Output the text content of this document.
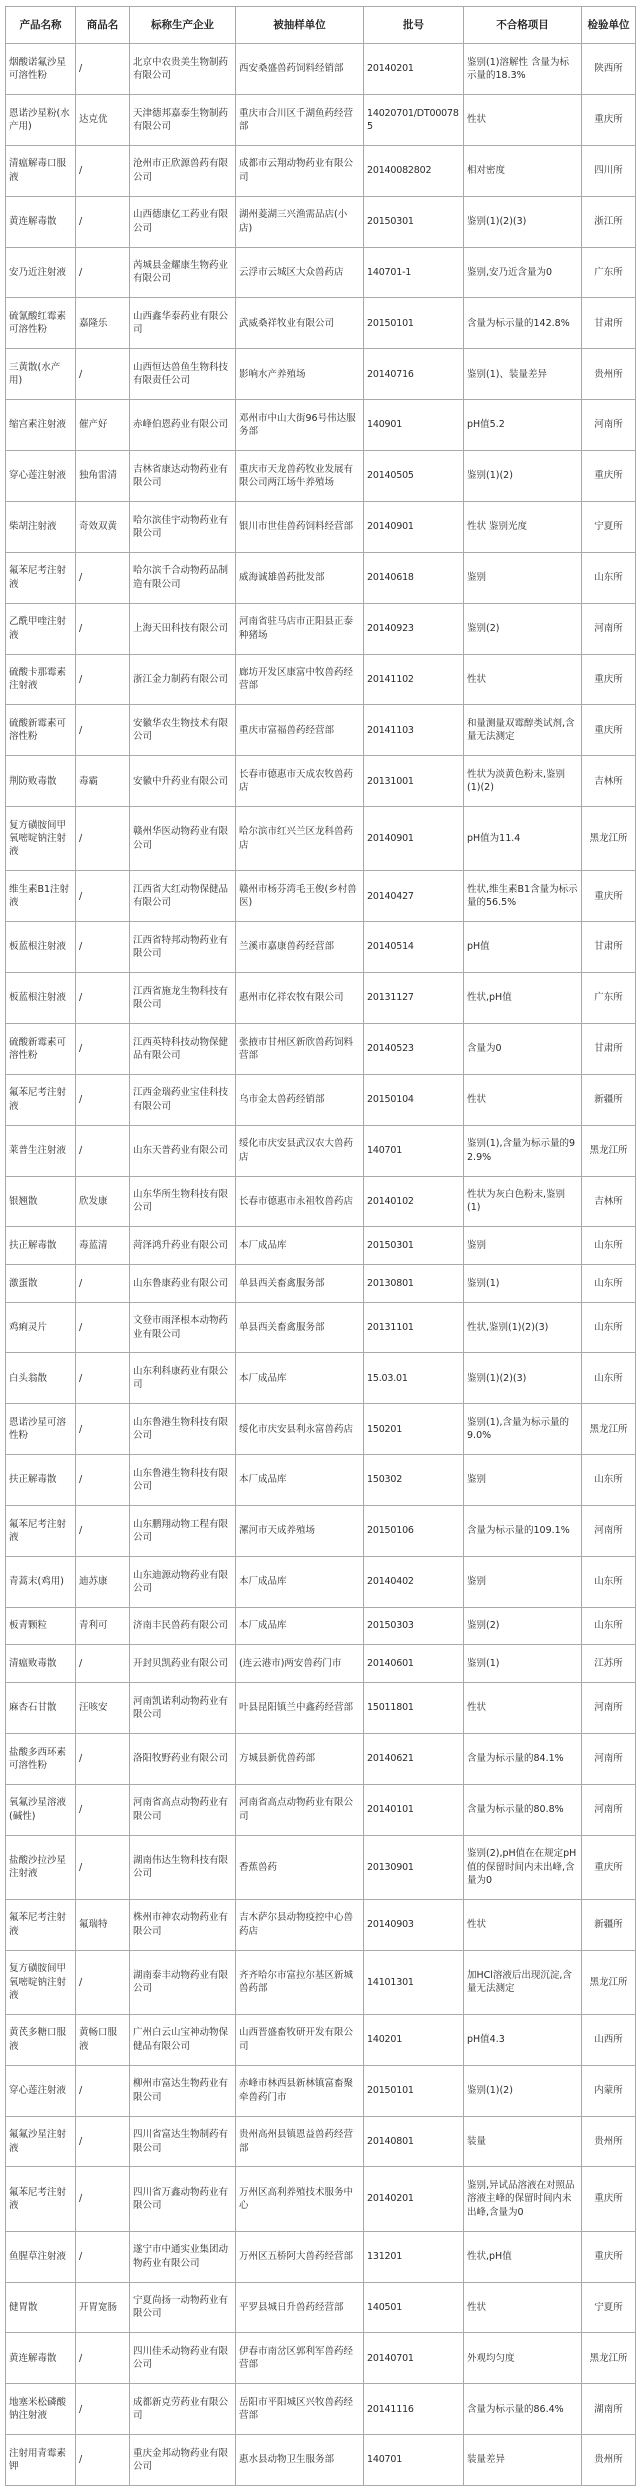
产品名称	商品名	标称生产企业	被抽样单位	批号	不合格项目	检验单位
烟酸诺氟沙星可溶性粉	/	北京中农贵美生物制药有限公司	西安桑盛兽药饲料经销部	20140201	鉴别(1)溶解性 含量为标示量的18.3%	陕西所
恩诺沙星粉(水产用)	达克优	天津德邦嘉泰生物制药有限公司	重庆市合川区千湖鱼药经营部	14020701/DT000785	性状	重庆所
清瘟解毒口服液	/	沧州市正欣源兽药有限公司	成都市云翔动物药业有限公司	20140082802	相对密度	四川所
黄连解毒散	/	山西德康亿工药业有限公司	湖州菱湖三兴渔需品店(小店)	20150301	鉴别(1)(2)(3)	浙江所
安乃近注射液	/	芮城县金耀康生物药业有限公司	云浮市云城区大众兽药店	140701-1	鉴别,安乃近含量为0	广东所
硫氰酸红霉素可溶性粉	嘉隆乐	山西鑫华泰药业有限公司	武威桑祥牧业有限公司	20150101	含量为标示量的142.8%	甘肃所
三黄散(水产用)	/	山西恒达兽鱼生物科技有限责任公司	影响水产养殖场	20140716	鉴别(1)、装量差异	贵州所
缩宫素注射液	催产好	赤峰伯恩药业有限公司	邓州市中山大街96号伟达服务部	140901	pH值5.2	河南所
穿心莲注射液	独角雷清	吉林省康达动物药业有限公司	重庆市天龙兽药牧业发展有限公司两江场牛养殖场	20140505	鉴别(1)(2)	重庆所
柴胡注射液	奇效双黄	哈尔滨佳宇动物药业有限公司	银川市世佳兽药饲料经营部	20140901	性状 鉴别光度	宁夏所
氟苯尼考注射液	/	哈尔滨千合动物药品制造有限公司	威海诚雄兽药批发部	20140618	鉴别	山东所
乙酰甲喹注射液	/	上海天田科技有限公司	河南省驻马店市正阳县正泰种猪场	20140923	鉴别(2)	河南所
硫酸卡那霉素注射液	/	浙江金力制药有限公司	廊坊开发区康富中牧兽药经营部	20141102	性状	重庆所
硫酸新霉素可溶性粉	/	安徽华农生物技术有限公司	重庆市富福兽药经营部	20141103	和量测量双霉醇类试剂,含量无法测定	重庆所
荆防败毒散	毒霸	安徽中升药业有限公司	长春市德惠市天成农牧兽药店	20131001	性状为淡黄色粉末,鉴别(1)(2)	吉林所
复方磺胺间甲氧嘧啶钠注射液	/	赣州华医动物药业有限公司	哈尔滨市红兴兰区龙科兽药店	20140901	pH值为11.4	黑龙江所
维生素B1注射液	/	江西省大红动物保健品有限公司	赣州市杨芬湾毛王俊(乡村兽医)	20140427	性状,维生素B1含量为标示量的56.5%	重庆所
板蓝根注射液	/	江西省特邦动物药业有限公司	兰溪市嘉康兽药经营部	20140514	pH值	甘肃所
板蓝根注射液	/	江西省施龙生物科技有限公司	惠州市亿祥农牧有限公司	20131127	性状,pH值	广东所
硫酸新霉素可溶性粉	/	江西英特科技动物保健品有限公司	张掖市甘州区新欣兽药饲料营部	20140523	含量为0	甘肃所
氟苯尼考注射液	/	江西金瑞药业宝佳科技有限公司	乌市金太兽药经销部	20150104	性状	新疆所
莱普生注射液	/	山东天普药业有限公司	绥化市庆安县武汉农大兽药店	140701	鉴别(1),含量为标示量的92.9%	黑龙江所
银翘散	欣发康	山东华所生物科技有限公司	长春市德惠市永祖牧兽药店	20140102	性状为灰白色粉末,鉴别(1)	吉林所
扶正解毒散	毒蓝清	菏泽鸿升药业有限公司	本厂成品库	20150301	鉴别	山东所
激蛋散	/	山东鲁康药业有限公司	单县西关畜禽服务部	20130801	鉴别(1)	山东所
鸡痢灵片	/	文登市雨泽根本动物药业有限公司	单县西关畜禽服务部	20131101	性状,鉴别(1)(2)(3)	山东所
白头翁散	/	山东利科康药业有限公司	本厂成品库	15.03.01	鉴别(1)(2)(3)	山东所
恩诺沙星可溶性粉	/	山东鲁港生物科技有限公司	绥化市庆安县利永富兽药店	150201	鉴别(1),含量为标示量的9.0%	黑龙江所
扶正解毒散	/	山东鲁港生物科技有限公司	本厂成品库	150302	鉴别	山东所
氟苯尼考注射液	/	山东鹏翔动物工程有限公司	漯河市天成养殖场	20150106	含量为标示量的109.1%	河南所
青蒿末(鸡用)	迪苏康	山东迪源动物药业有限公司	本厂成品库	20140402	鉴别	山东所
板青颗粒	青利可	济南丰民兽药有限公司	本厂成品库	20150303	鉴别(2)	山东所
清瘟败毒散	/	开封贝凯药业有限公司	(连云港市)两安兽药门市	20140601	鉴别(1)	江苏所
麻杏石甘散	汪咳安	河南凯诺利动物药业有限公司	叶县昆阳镇兰中鑫药经营部	15011801	性状	河南所
盐酸多西环素可溶性粉	/	洛阳牧野药业有限公司	方城县新优兽药部	20140621	含量为标示量的84.1%	河南所
氧氟沙星溶液(碱性)	/	河南省高点动物药业有限公司	河南省高点动物药业有限公司	20140101	含量为标示量的80.8%	河南所
盐酸沙拉沙星注射液	/	湖南伟达生物科技有限公司	香蕉兽药	20130901	鉴别(2),pH值在在规定pH值的保留时间内未出峰,含量为0	重庆所
氟苯尼考注射液	氟瑞特	株州市神农动物药业有限公司	吉木萨尔县动物疫控中心兽药店	20140903	性状	新疆所
复方磺胺间甲氧嘧啶钠注射液	/	湖南泰丰动物药业有限公司	齐齐哈尔市富拉尔基区新城兽药部	14101301	加HCl溶液后出现沉淀,含量无法测定	黑龙江所
黄芪多糖口服液	黄畅口服液	广州白云山宝神动物保健品有限公司	山西晋盛畜牧研开发有限公司	140201	pH值4.3	山西所
穿心莲注射液	/	柳州市富达生物药业有限公司	赤峰市林西县新林镇富畜聚牵兽药门市	20150101	鉴别(1)(2)	内蒙所
氟氟沙星注射液	/	四川省富达生物制药有限公司	贵州高州县镇恩益兽药经营部	20140801	装量	贵州所
氟苯尼考注射液	/	四川省万鑫动物药业有限公司	万州区高利养殖技术服务中心	20140201	鉴别,异试品溶液在对照品溶液主峰的保留时间内未出峰,含量为0	重庆所
鱼腥草注射液	/	遂宁市中通实业集团动物药业有限公司	万州区五桥阿大兽药经营部	131201	性状,pH值	重庆所
健胃散	开胃宽肠	宁夏尚扬一动物药业有限公司	平罗县城日升兽药经营部	140501	性状	宁夏所
黄连解毒散	/	四川佳禾动物药业有限公司	伊春市南岔区郭利军兽药经营部	20140701	外观均匀度	黑龙江所
地塞米松磷酸钠注射液	/	成都新克劳药业有限公司	岳阳市平阳城区兴牧兽药经营部	20141116	含量为标示量的86.4%	湖南所
注射用青霉素钾	/	重庆金邦动物药业有限公司	惠水县动物卫生服务部	140701	装量差异	贵州所
